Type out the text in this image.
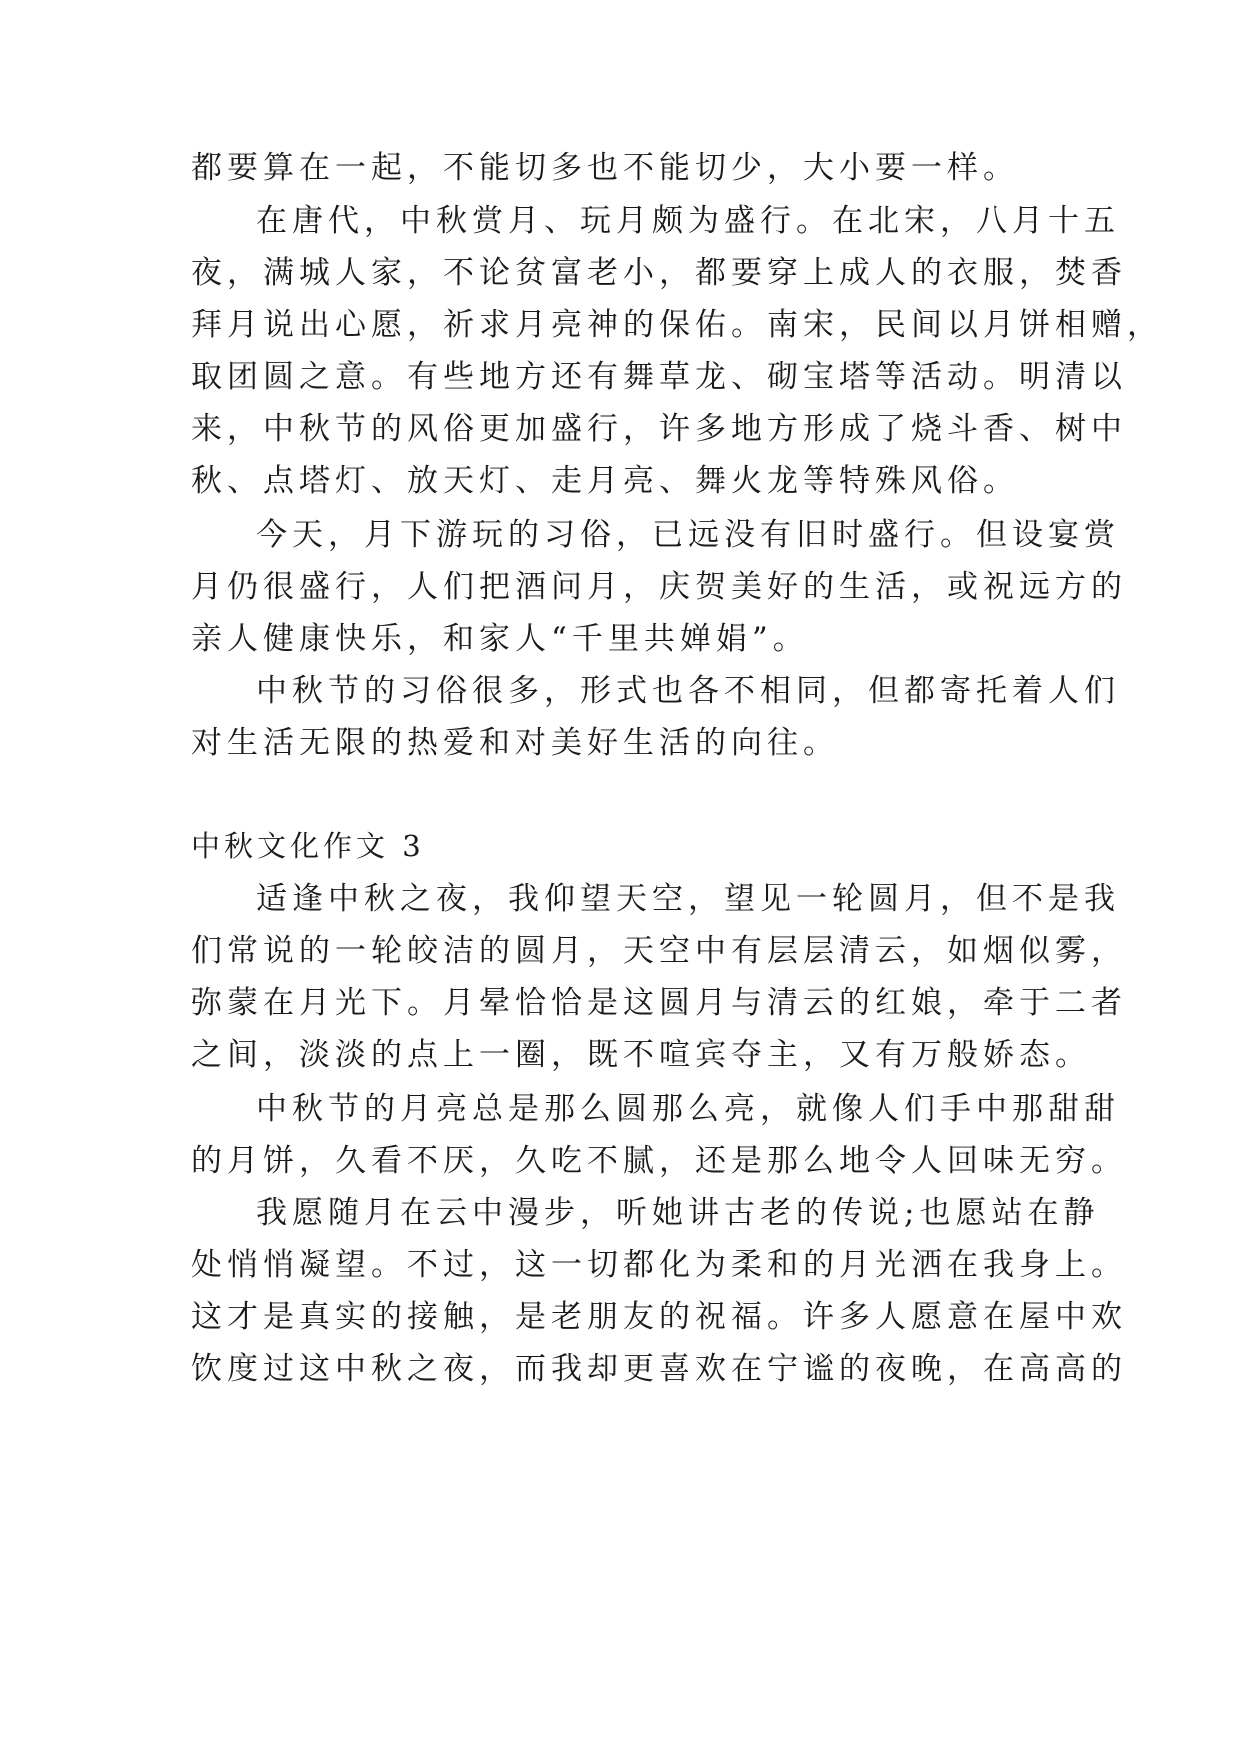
都要算在一起，不能切多也不能切少，大小要一样。
在唐代，中秋赏月、玩月颇为盛行。在北宋，八月十五
夜，满城人家，不论贫富老小，都要穿上成人的衣服，焚香
拜月说出心愿，祈求月亮神的保佑。南宋，民间以月饼相赠，
取团圆之意。有些地方还有舞草龙、砌宝塔等活动。明清以
来，中秋节的风俗更加盛行，许多地方形成了烧斗香、树中
秋、点塔灯、放天灯、走月亮、舞火龙等特殊风俗。
今天，月下游玩的习俗，已远没有旧时盛行。但设宴赏
月仍很盛行，人们把酒问月，庆贺美好的生活，或祝远方的
亲人健康快乐，和家人“千里共婵娟”。
中秋节的习俗很多，形式也各不相同，但都寄托着人们
对生活无限的热爱和对美好生活的向往。
中秋文化作文 3
适逢中秋之夜，我仰望天空，望见一轮圆月，但不是我
们常说的一轮皎洁的圆月，天空中有层层清云，如烟似雾，
弥蒙在月光下。月晕恰恰是这圆月与清云的红娘，牵于二者
之间，淡淡的点上一圈，既不喧宾夺主，又有万般娇态。
中秋节的月亮总是那么圆那么亮，就像人们手中那甜甜
的月饼，久看不厌，久吃不腻，还是那么地令人回味无穷。
我愿随月在云中漫步，听她讲古老的传说;也愿站在静
处悄悄凝望。不过，这一切都化为柔和的月光洒在我身上。
这才是真实的接触，是老朋友的祝福。许多人愿意在屋中欢
饮度过这中秋之夜，而我却更喜欢在宁谧的夜晚，在高高的
